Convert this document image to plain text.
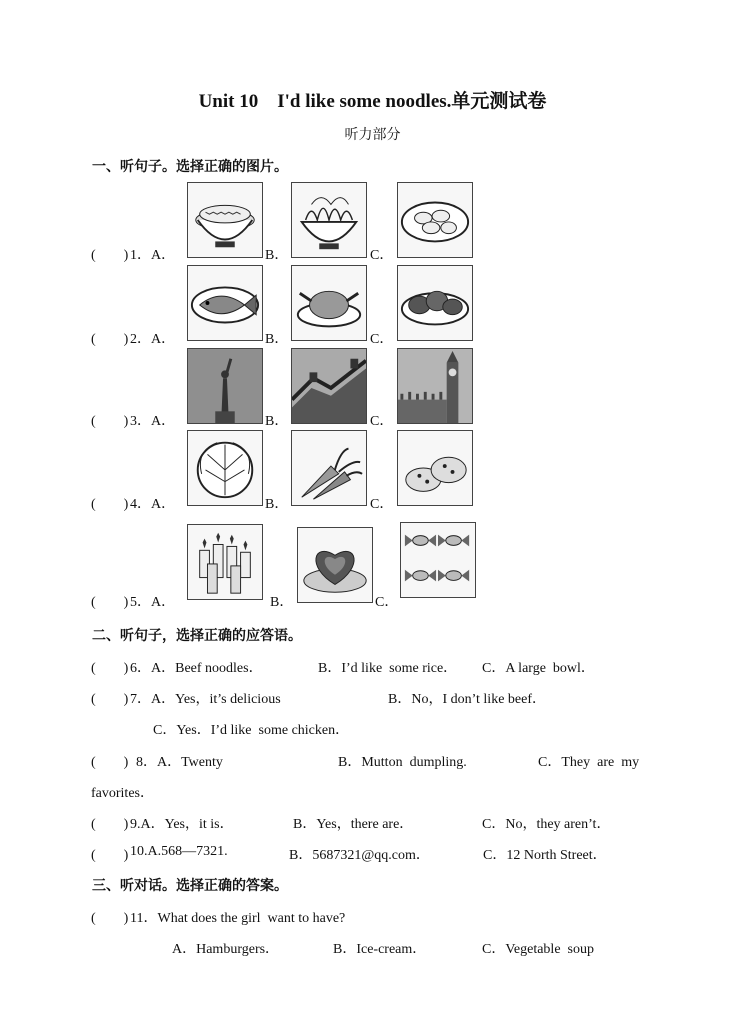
Unit 10　I'd like some noodles.单元测试卷
听力部分
一、听句子。选择正确的图片。
(　　) 1．A．	B．	C．
(　　) 2．A．	B．	C．
(　　) 3．A．	B．	C．
(　　) 4．A．	B．	C．
(　　) 5．A．	B．	C．
二、听句子，选择正确的应答语。
(　　) 6．A．Beef noodles．	B．I’d like  some rice． C．A large  bowl．
(　　) 7．A．Yes，it’s delicious	B．No，I don’t like beef．
C．Yes．I’d like  some chicken．
(　　) 8．A．Twenty	B．Mutton  dumpling.	C．They  are  my
favorites．
(　　) 9.A．Yes，it is．	B．Yes，there are．	C．No，they aren’t．
(　　) 10.A.568—7321.	B．5687321@qq.com．	C．12 North Street．
三、听对话。选择正确的答案。
(　　) 11．What does the girl  want to have?
A．Hamburgers．	B．Ice-cream．	C．Vegetable  soup
